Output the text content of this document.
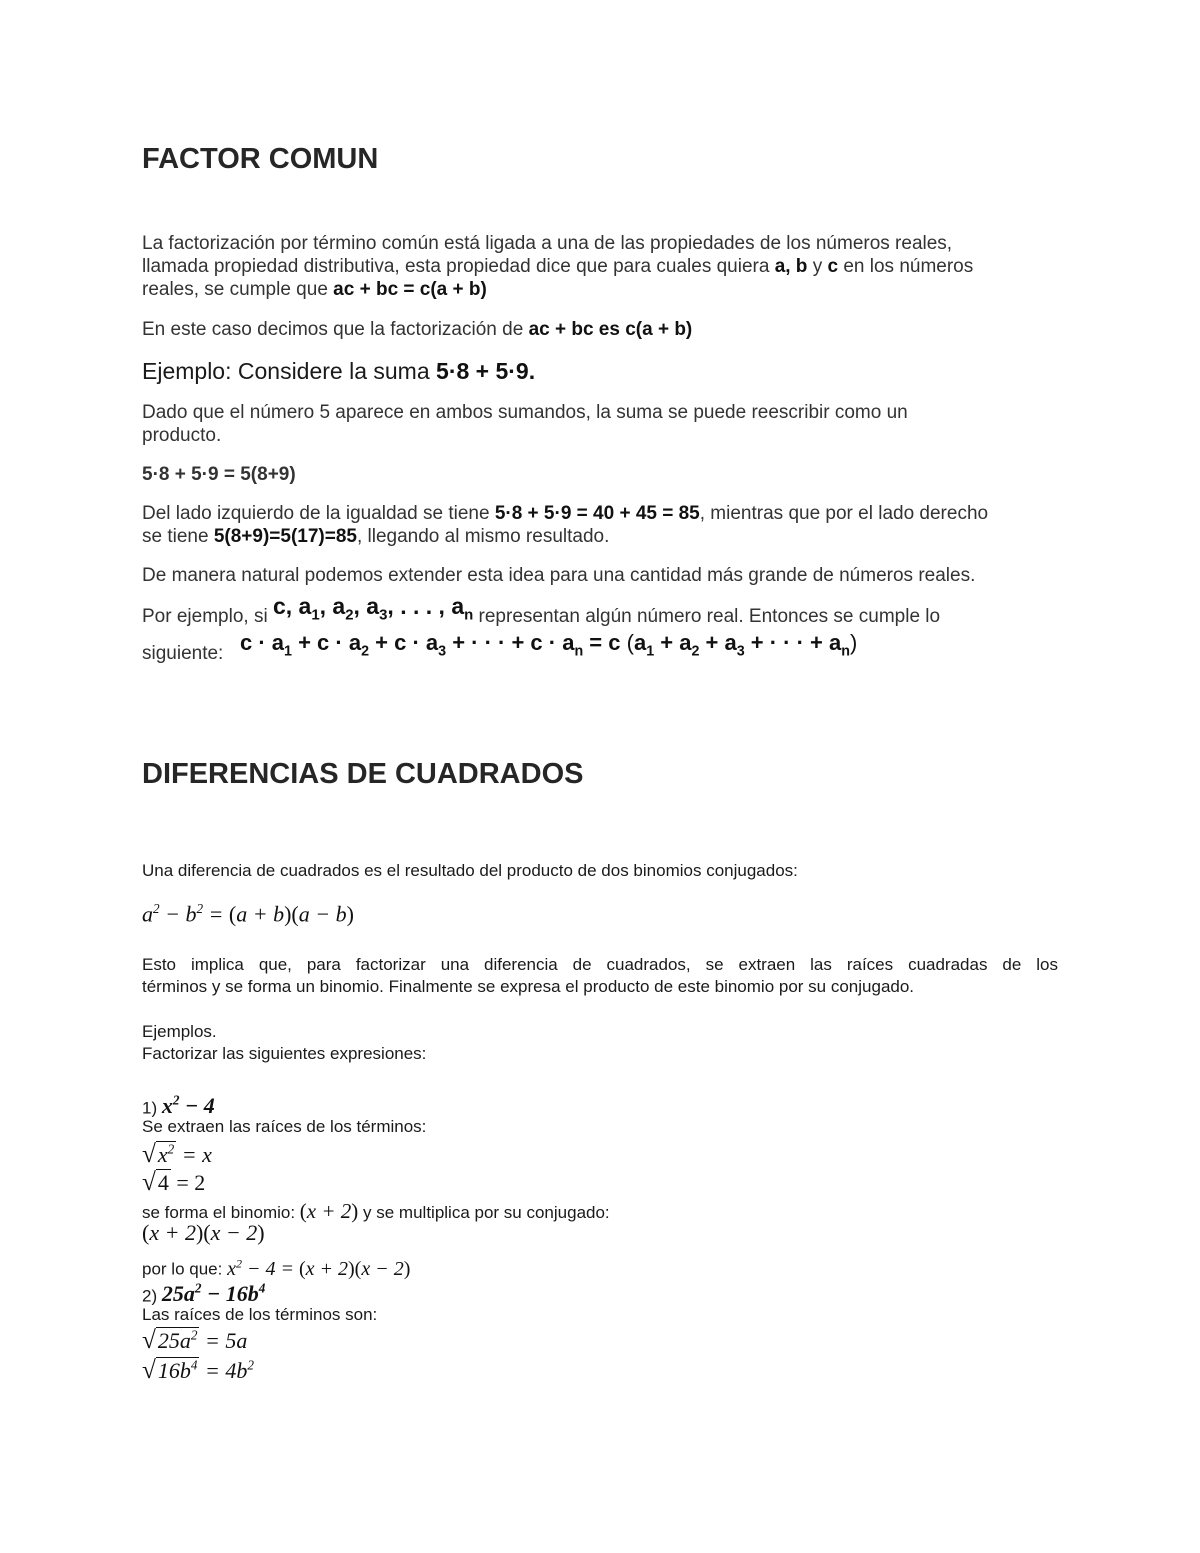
FACTOR COMUN
La factorización por término común está ligada a una de las propiedades de los números reales,
llamada propiedad distributiva, esta propiedad dice que para cuales quiera a, b y c en los números
reales, se cumple que ac + bc = c(a + b)
En este caso decimos que la factorización de ac + bc es c(a + b)
Ejemplo: Considere la suma 5·8 + 5·9.
Dado que el número 5 aparece en ambos sumandos, la suma se puede reescribir como un
producto.
5·8 + 5·9 = 5(8+9)
Del lado izquierdo de la igualdad se tiene 5·8 + 5·9 = 40 + 45 = 85, mientras que por el lado derecho
se tiene 5(8+9)=5(17)=85, llegando al mismo resultado.
De manera natural podemos extender esta idea para una cantidad más grande de números reales.
Por ejemplo, si c, $a_1$, $a_2$, $a_3$, . . . , $a_n$ representan algún número real. Entonces se cumple lo
siguiente: $c \cdot a_1 + c \cdot a_2 + c \cdot a_3$ + · · · + $c \cdot a_n = c$ ($a_1 + a_2 + a_3$ + · · · + $a_n$)
DIFERENCIAS DE CUADRADOS
Una diferencia de cuadrados es el resultado del producto de dos binomios conjugados:
$a^2 - b^2 = (a + b)(a - b)$
Esto implica que, para factorizar una diferencia de cuadrados, se extraen las raíces cuadradas de los
términos y se forma un binomio. Finalmente se expresa el producto de este binomio por su conjugado.
Ejemplos.
Factorizar las siguientes expresiones:
1) $x^2 - 4$
Se extraen las raíces de los términos:
$√x^2 = x$
√4 = 2
se forma el binomio: (x + 2) y se multiplica por su conjugado:
(x + 2)(x − 2)
por lo que: $x^2 - 4 = (x + 2)(x - 2)$
2) $25a^2 - 16b^4$
Las raíces de los términos son:
$√25a^2 = 5a$
$√16b^4 = 4b^2$
